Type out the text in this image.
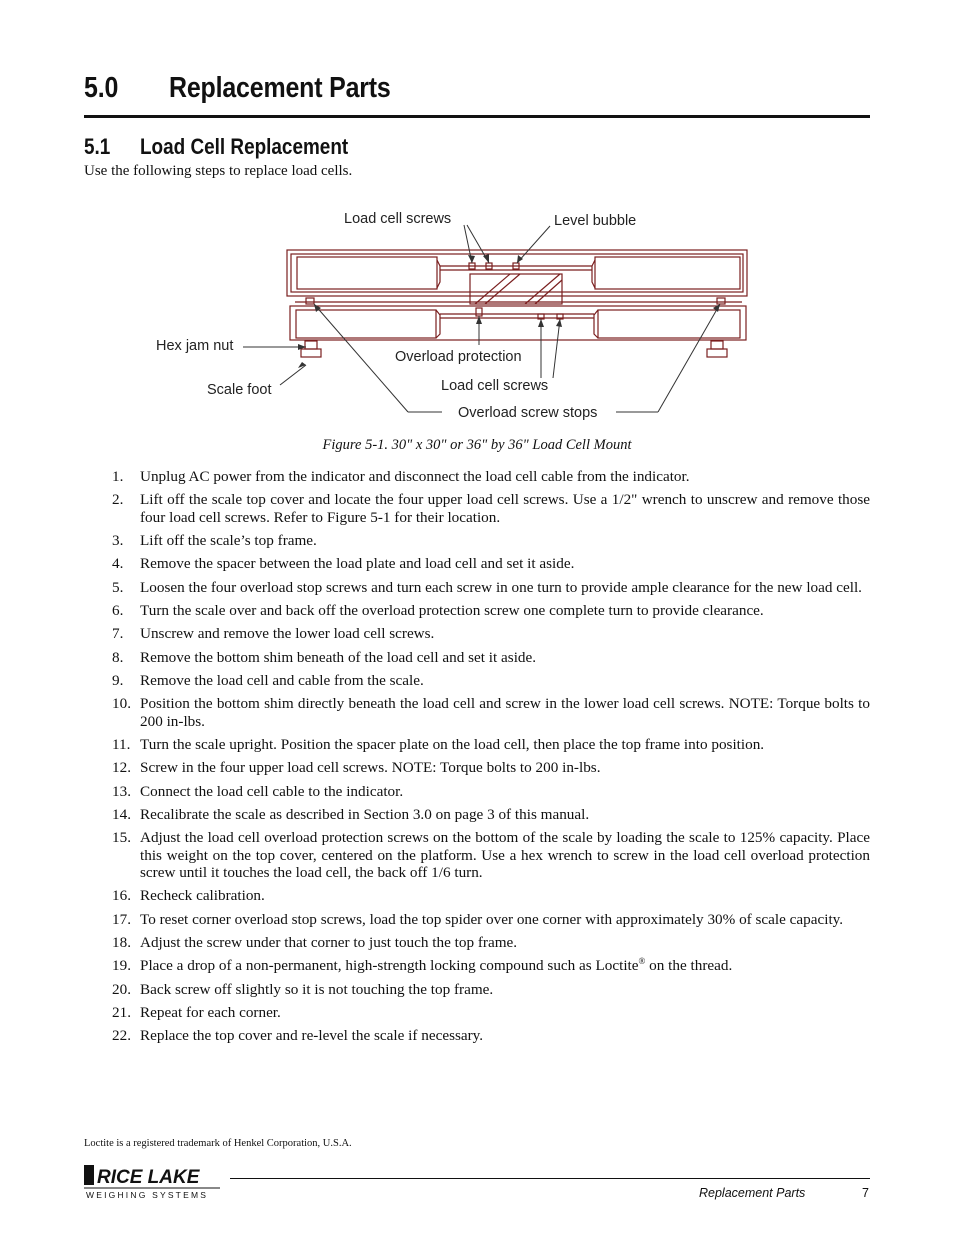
5.0 Replacement Parts
5.1 Load Cell Replacement
Use the following steps to replace load cells.
Load cell screws	Level bubble
Hex jam nut
Scale foot
Overload protection
Load cell screws
Overload screw stops
Figure 5-1. 30" x 30" or 36" by 36" Load Cell Mount
1.	Unplug AC power from the indicator and disconnect the load cell cable from the indicator.
2.	Lift off the scale top cover and locate the four upper load cell screws. Use a 1/2" wrench to unscrew and remove those four load cell screws. Refer to Figure 5-1 for their location.
3.	Lift off the scale’s top frame.
4.	Remove the spacer between the load plate and load cell and set it aside.
5.	Loosen the four overload stop screws and turn each screw in one turn to provide ample clearance for the new load cell.
6.	Turn the scale over and back off the overload protection screw one complete turn to provide clearance.
7.	Unscrew and remove the lower load cell screws.
8.	Remove the bottom shim beneath of the load cell and set it aside.
9.	Remove the load cell and cable from the scale.
10. Position the bottom shim directly beneath the load cell and screw in the lower load cell screws. NOTE: Torque bolts to 200 in-lbs.
11. Turn the scale upright. Position the spacer plate on the load cell, then place the top frame into position.
12. Screw in the four upper load cell screws. NOTE: Torque bolts to 200 in-lbs.
13. Connect the load cell cable to the indicator.
14. Recalibrate the scale as described in Section 3.0 on page 3 of this manual.
15. Adjust the load cell overload protection screws on the bottom of the scale by loading the scale to 125% capacity. Place this weight on the top cover, centered on the platform. Use a hex wrench to screw in the load cell overload protection screw until it touches the load cell, the back off 1/6 turn.
16. Recheck calibration.
17. To reset corner overload stop screws, load the top spider over one corner with approximately 30% of scale capacity.
18. Adjust the screw under that corner to just touch the top frame.
19. Place a drop of a non-permanent, high-strength locking compound such as Loctite® on the thread.
20. Back screw off slightly so it is not touching the top frame.
21. Repeat for each corner.
22. Replace the top cover and re-level the scale if necessary.
Loctite is a registered trademark of Henkel Corporation, U.S.A.
RICE LAKE
WEIGHING SYSTEMS	Replacement Parts	7
